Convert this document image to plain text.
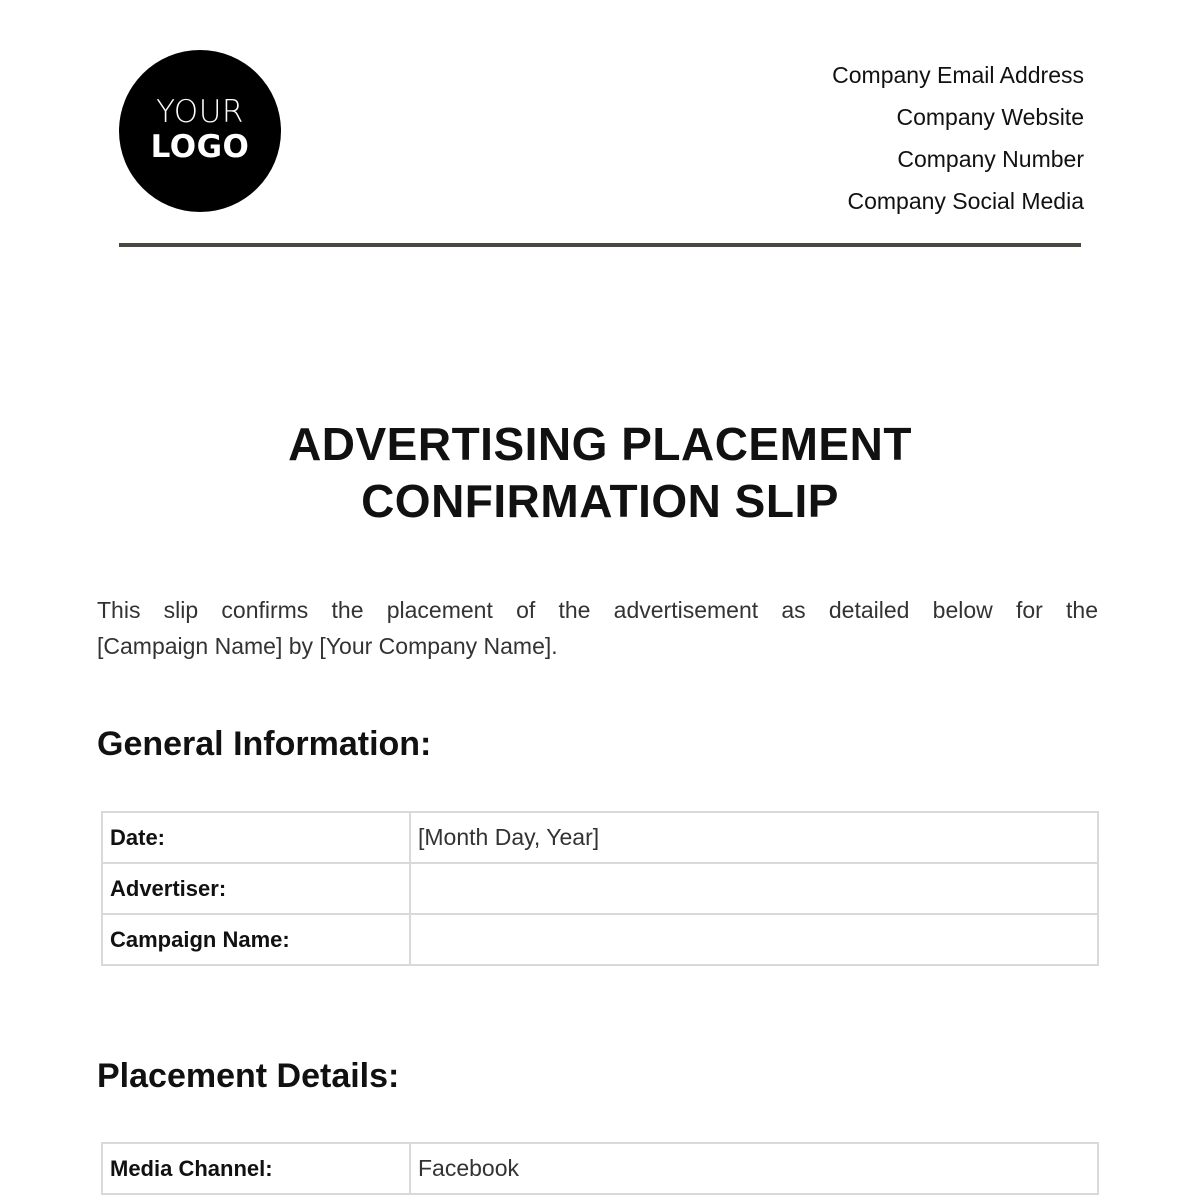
YOUR
LOGO
Company Email Address
Company Website
Company Number
Company Social Media
ADVERTISING PLACEMENT
CONFIRMATION SLIP
This slip confirms the placement of the advertisement as detailed below for the
[Campaign Name] by [Your Company Name].
General Information:
Date:	[Month Day, Year]
Advertiser:	
Campaign Name:	
Placement Details:
Media Channel:	Facebook
